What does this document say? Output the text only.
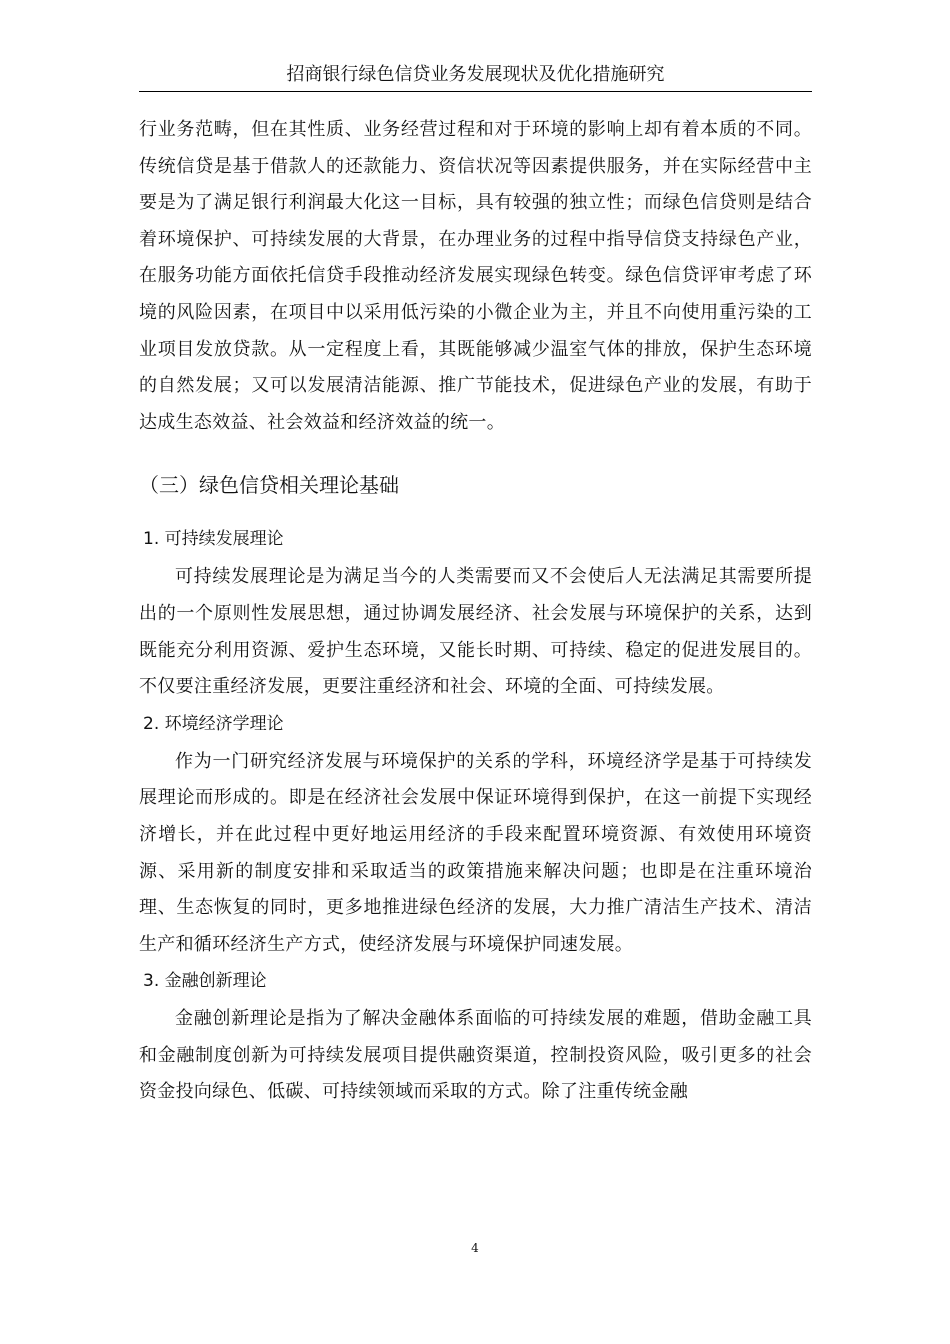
招商银行绿色信贷业务发展现状及优化措施研究

行业务范畴，但在其性质、业务经营过程和对于环境的影响上却有着本质的不同。传统信贷是基于借款人的还款能力、资信状况等因素提供服务，并在实际经营中主要是为了满足银行利润最大化这一目标，具有较强的独立性；而绿色信贷则是结合着环境保护、可持续发展的大背景，在办理业务的过程中指导信贷支持绿色产业，在服务功能方面依托信贷手段推动经济发展实现绿色转变。绿色信贷评审考虑了环境的风险因素，在项目中以采用低污染的小微企业为主，并且不向使用重污染的工业项目发放贷款。从一定程度上看，其既能够减少温室气体的排放，保护生态环境的自然发展；又可以发展清洁能源、推广节能技术，促进绿色产业的发展，有助于达成生态效益、社会效益和经济效益的统一。

（三）绿色信贷相关理论基础
1. 可持续发展理论

可持续发展理论是为满足当今的人类需要而又不会使后人无法满足其需要所提出的一个原则性发展思想，通过协调发展经济、社会发展与环境保护的关系，达到既能充分利用资源、爱护生态环境，又能长时期、可持续、稳定的促进发展目的。不仅要注重经济发展，更要注重经济和社会、环境的全面、可持续发展。

2. 环境经济学理论

作为一门研究经济发展与环境保护的关系的学科，环境经济学是基于可持续发展理论而形成的。即是在经济社会发展中保证环境得到保护，在这一前提下实现经济增长，并在此过程中更好地运用经济的手段来配置环境资源、有效使用环境资源、采用新的制度安排和采取适当的政策措施来解决问题；也即是在注重环境治理、生态恢复的同时，更多地推进绿色经济的发展，大力推广清洁生产技术、清洁生产和循环经济生产方式，使经济发展与环境保护同速发展。

3. 金融创新理论

金融创新理论是指为了解决金融体系面临的可持续发展的难题，借助金融工具和金融制度创新为可持续发展项目提供融资渠道，控制投资风险，吸引更多的社会资金投向绿色、低碳、可持续领域而采取的方式。除了注重传统金融

4
